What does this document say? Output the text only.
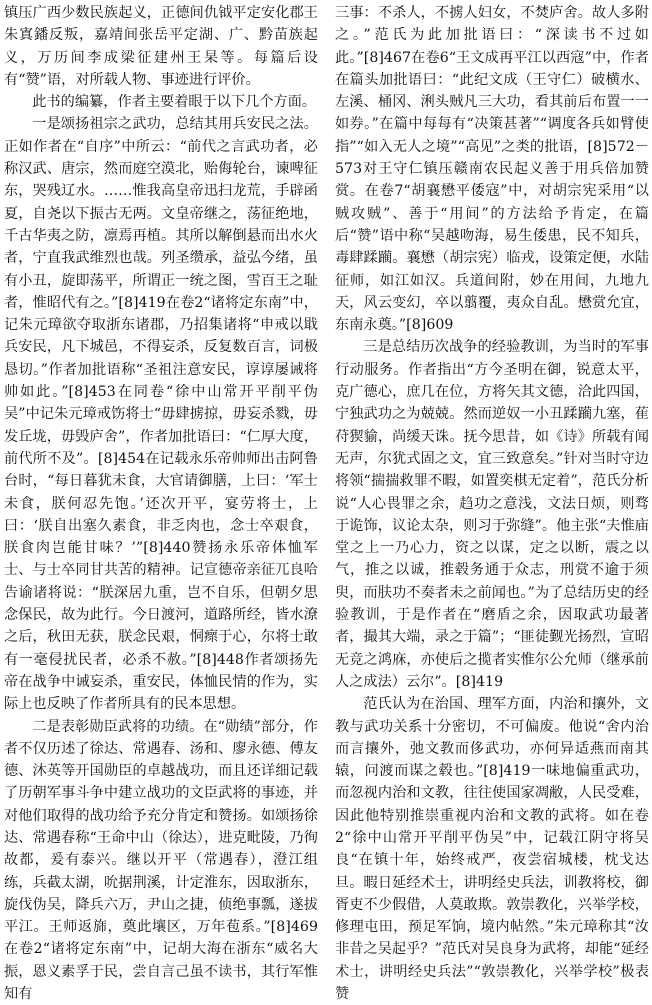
镇压广西少数民族起义，正德间仇钺平定安化郡王朱寘鐇反叛，嘉靖间张岳平定湖、广、黔苗族起义，万历间李成梁征建州王杲等。每篇后设有“赞”语，对所载人物、事迹进行评价。

此书的编纂，作者主要着眼于以下几个方面。

一是颂扬祖宗之武功，总结其用兵安民之法。正如作者在“自序”中所云：“前代之言武功者，必称汉武、唐宗，然而庭空漠北，贻侮轮台，谏啤征东，哭残辽水。……惟我高皇帝迅扫龙荒，手辟函夏，自尧以下振古无两。文皇帝继之，荡征绝地，千古华夷之防，凛焉再植。其所以解倒悬而出水火者，宁直我武维烈也哉。列圣缵承，益弘今绪，虽有小丑，旋即荡平，所谓正一统之图，雪百王之耻者，惟昭代有之。”[8]419在卷2“诸将定东南”中，记朱元璋欲夺取浙东诸郡，乃招集诸将“申戒以戢兵安民，凡下城邑，不得妄杀，反复数百言，词极恳切。”作者加批语称“圣祖注意安民，谆谆屡诫将帅如此。”[8]453在同卷“徐中山常开平削平伪吴”中记朱元璋戒饬将士“毋肆掳掠，毋妄杀戮，毋发丘垅，毋毁庐舍”，作者加批语曰：“仁厚大度，前代所不及”。[8]454在记载永乐帝帅师出击阿鲁台时，“每日暮犹未食，大官请御膳，上曰：‘军士未食，朕何忍先饱。’还次开平，宴劳将士，上曰：‘朕自出塞久素食，非乏肉也，念士卒艰食，朕食肉岂能甘味？’”[8]440赞扬永乐帝体恤军士、与士卒同甘共苦的精神。记宣德帝亲征兀良哈告谕诸将说：“朕深居九重，岂不自乐，但朝夕思念保民，故为此行。今日渡河，道路所经，皆水潦之后，秋田无获，朕念民艰，恫瘝于心，尔将士敢有一毫侵扰民者，必杀不赦。”[8]448作者颂扬先帝在战争中诫妄杀，重安民，体恤民情的作为，实际上也反映了作者所具有的民本思想。

二是表彰勋臣武将的功绩。在“勋绩”部分，作者不仅历述了徐达、常遇春、汤和、廖永德、傅友德、沐英等开国勋臣的卓越战功，而且还详细记载了历朝军事斗争中建立战功的文臣武将的事迹，并对他们取得的战功给予充分肯定和赞扬。如颂扬徐达、常遇春称“王命中山（徐达），进克毗陵，乃徇故都，爰有泰兴。继以开平（常遇春），澄江组练，兵截太湖，吮据荆溪，计定淮东，因取浙东，旋伐伪吴，降兵六万，尹山之捷，侦绝事瓢，遂拔平江。王师返旆，奠此壤区，万年苞系。”[8]469在卷2“诸将定东南”中，记胡大海在浙东“威名大振，恩义素孚于民，尝自言己虽不读书，其行军惟知有

三事：不杀人，不掳人妇女，不焚庐舍。故人多附之。”范氏为此加批语曰：“深读书不过如此。”[8]467在卷6“王文成再平江以西寇”中，作者在篇头加批语曰：“此纪文成（王守仁）破横水、左溪、桶冈、浰头贼凡三大功，看其前后布置一一如券。”在篇中每每有“决策甚著”“调度各兵如臂使指”“如入无人之境”“高见”之类的批语，[8]572－573对王守仁镇压赣南农民起义善于用兵倍加赞赏。在卷7“胡襄懋平倭寇”中，对胡宗宪采用“以贼攻贼”、善于“用间”的方法给予肯定，在篇后“赞”语中称“吴越吻海，易生倭患，民不知兵，毒肆蹂躏。襄懋（胡宗宪）临戎，设策定便，水陆征师，如江如汉。兵道间附，妙在用间，九地九天，风云变幻，卒以翦覆，夷众自乱。懋赏允宜，东南永奠。”[8]609

三是总结历次战争的经验教训，为当时的军事行动服务。作者指出“方今圣明在御，锐意太平，克广德心，庶几在位，方将矢其文德，洽此四国，宁独武功之为兢兢。然而逆奴一小丑蹂躏九塞，萑苻猰貐，尚缓天诛。抚今思昔，如《诗》所载有闻无声，尔犹式固之文，宜三致意矣。”针对当时守边将领“揣揣救罪不暇，如置奕棋无定着”，范氏分析说“人心畏罪之余，趋功之意浅，文法日烦，则骛于诡饰，议论太杂，则习于弥缝”。他主张“夫惟庙堂之上一乃心力，资之以谋，定之以断，震之以气，推之以诚，推毂务通于众志，刑赏不逾于须臾，而肤功不奏者未之前闻也。”为了总结历史的经验教训，于是作者在“磨盾之余，因取武功最著者，撮其大端，录之于篇”；“匪徒觐光扬烈，宣昭无竞之鸿庥，亦使后之揽者实惟尔公允师（继承前人之成法）云尔”。[8]419

范氏认为在治国、理军方面，内治和攘外，文教与武功关系十分密切，不可偏废。他说“舍内治而言攘外，弛文教而侈武功，亦何异适燕而南其辕，问渡而谋之毂也。”[8]419一味地偏重武功，而忽视内治和文教，往往使国家凋敝，人民受难，因此他特别推崇重视内治和文教的武将。如在卷2“徐中山常开平削平伪吴”中，记载江阴守将吴良“在镇十年，始终戒严，夜尝宿城楼，枕戈达旦。暇日延经术士，讲明经史兵法，训教将校，御胥吏不少假借，人莫敢欺。敦崇教化，兴举学校，修理屯田，预足军饷，境内帖然。”朱元璋称其“汝非昔之吴起乎？”范氏对吴良身为武将，却能“延经术士，讲明经史兵法”“敦崇教化，兴举学校”极表赞
